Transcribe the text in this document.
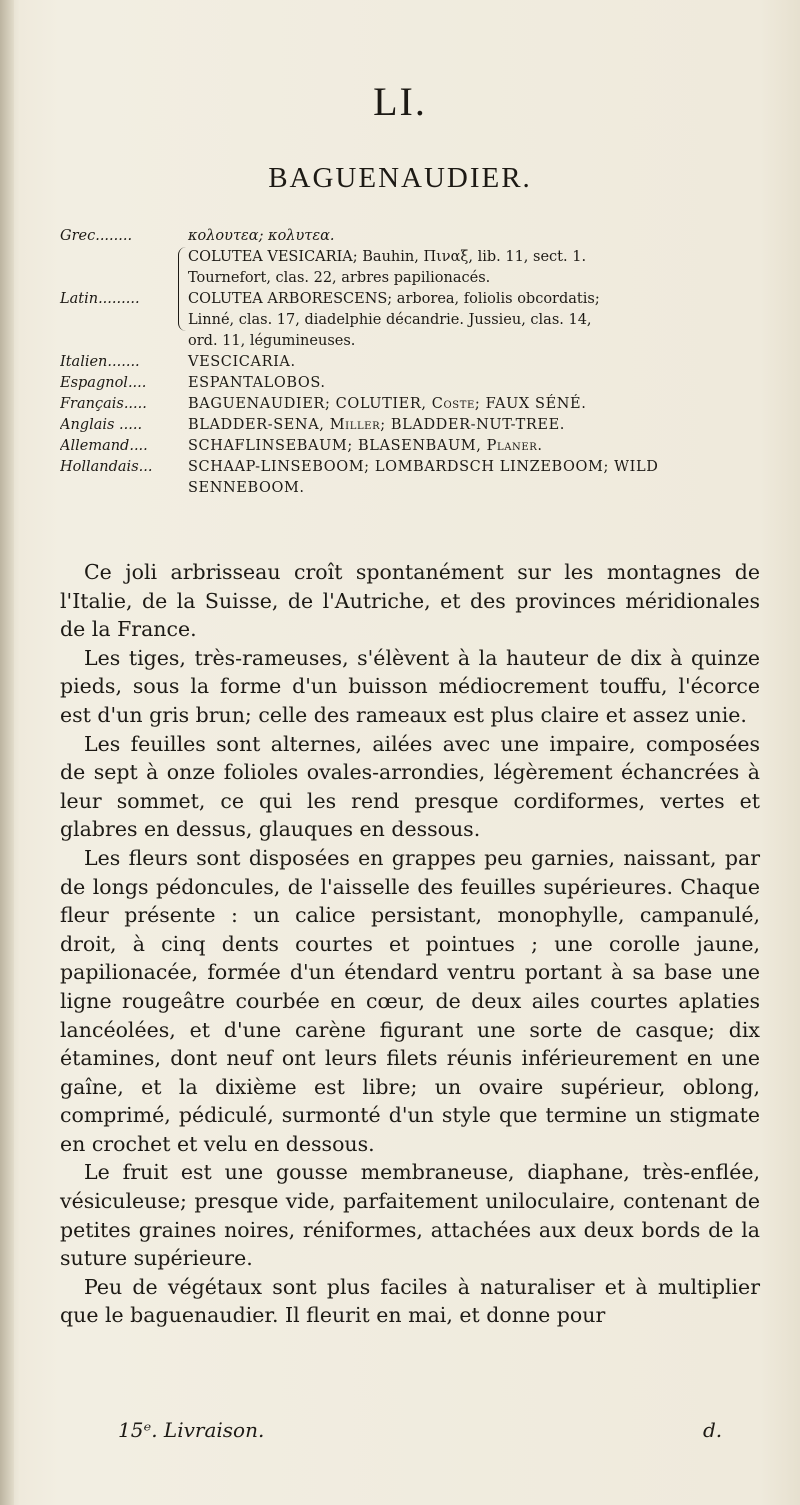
LI.
BAGUENAUDIER.
Grec........	κολουτεα; κολυτεα.
Latin.........
COLUTEA VESICARIA; Bauhin, Πιναξ, lib. 11, sect. 1.
Tournefort, clas. 22, arbres papilionacés.
COLUTEA ARBORESCENS; arborea, foliolis obcordatis;
Linné, clas. 17, diadelphie décandrie. Jussieu, clas. 14,
ord. 11, légumineuses.
Italien.......	VESCICARIA.
Espagnol....	ESPANTALOBOS.
Français.....	BAGUENAUDIER; COLUTIER, Coste; FAUX SÉNÉ.
Anglais .....	BLADDER-SENA, Miller; BLADDER-NUT-TREE.
Allemand....	SCHAFLINSEBAUM; BLASENBAUM, Planer.
Hollandais...	SCHAAP-LINSEBOOM; LOMBARDSCH LINZEBOOM; WILD SENNEBOOM.

Ce joli arbrisseau croît spontanément sur les montagnes de l'Italie, de la Suisse, de l'Autriche, et des provinces méridionales de la France.

Les tiges, très-rameuses, s'élèvent à la hauteur de dix à quinze pieds, sous la forme d'un buisson médiocrement touffu, l'écorce est d'un gris brun; celle des rameaux est plus claire et assez unie.

Les feuilles sont alternes, ailées avec une impaire, composées de sept à onze folioles ovales-arrondies, légèrement échancrées à leur sommet, ce qui les rend presque cordiformes, vertes et glabres en dessus, glauques en dessous.

Les fleurs sont disposées en grappes peu garnies, naissant, par de longs pédoncules, de l'aisselle des feuilles supérieures. Chaque fleur présente : un calice persistant, monophylle, campanulé, droit, à cinq dents courtes et pointues ; une corolle jaune, papilionacée, formée d'un étendard ventru portant à sa base une ligne rougeâtre courbée en cœur, de deux ailes courtes aplaties lancéolées, et d'une carène figurant une sorte de casque; dix étamines, dont neuf ont leurs filets réunis inférieurement en une gaîne, et la dixième est libre; un ovaire supérieur, oblong, comprimé, pédiculé, surmonté d'un style que termine un stigmate en crochet et velu en dessous.

Le fruit est une gousse membraneuse, diaphane, très-enflée, vésiculeuse; presque vide, parfaitement uniloculaire, contenant de petites graines noires, réniformes, attachées aux deux bords de la suture supérieure.

Peu de végétaux sont plus faciles à naturaliser et à multiplier que le baguenaudier. Il fleurit en mai, et donne pour

15ᵉ. Livraison.	d.
